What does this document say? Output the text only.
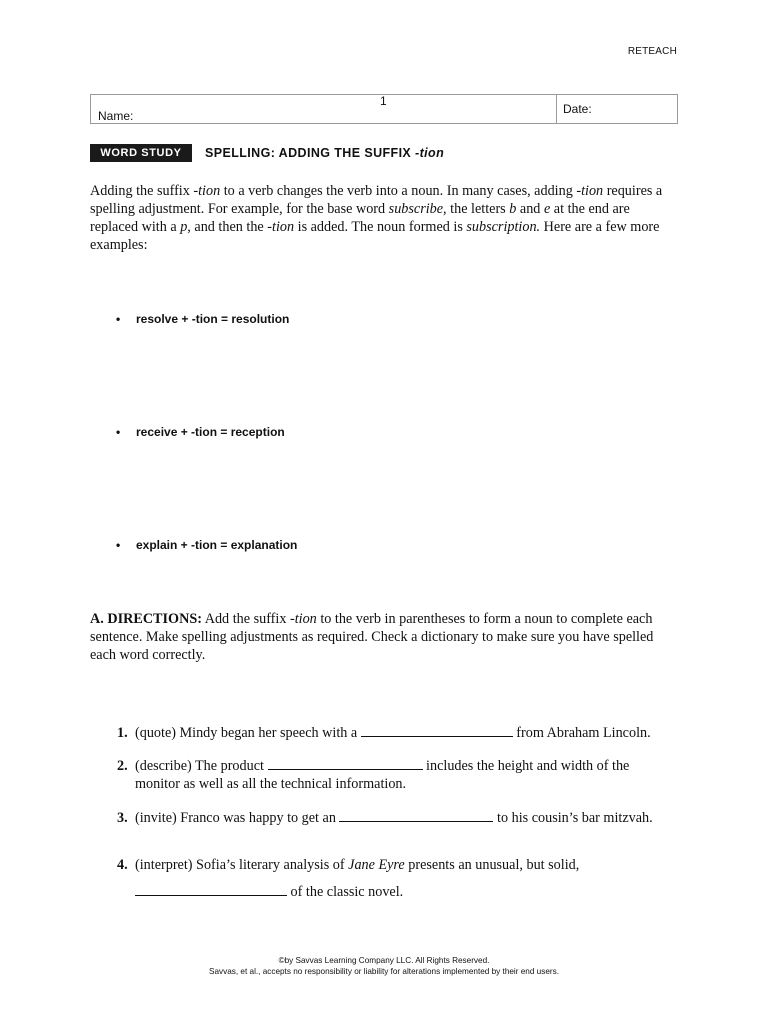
RETEACH
Name:
1
Date:
WORD STUDY	SPELLING: ADDING THE SUFFIX -tion
Adding the suffix -tion to a verb changes the verb into a noun. In many cases, adding -tion requires a spelling adjustment. For example, for the base word subscribe, the letters b and e at the end are replaced with a p, and then the -tion is added. The noun formed is subscription. Here are a few more examples:
• resolve + -tion = resolution
• receive + -tion = reception
• explain + -tion = explanation
A. DIRECTIONS: Add the suffix -tion to the verb in parentheses to form a noun to complete each sentence. Make spelling adjustments as required. Check a dictionary to make sure you have spelled each word correctly.
1. (quote) Mindy began her speech with a	from Abraham Lincoln.
2. (describe) The product	includes the height and width of the monitor as well as all the technical information.
3. (invite) Franco was happy to get an	to his cousin’s bar mitzvah.
4. (interpret) Sofia’s literary analysis of Jane Eyre presents an unusual, but solid,  of the classic novel.
©by Savvas Learning Company LLC. All Rights Reserved.
Savvas, et al., accepts no responsibility or liability for alterations implemented by their end users.
